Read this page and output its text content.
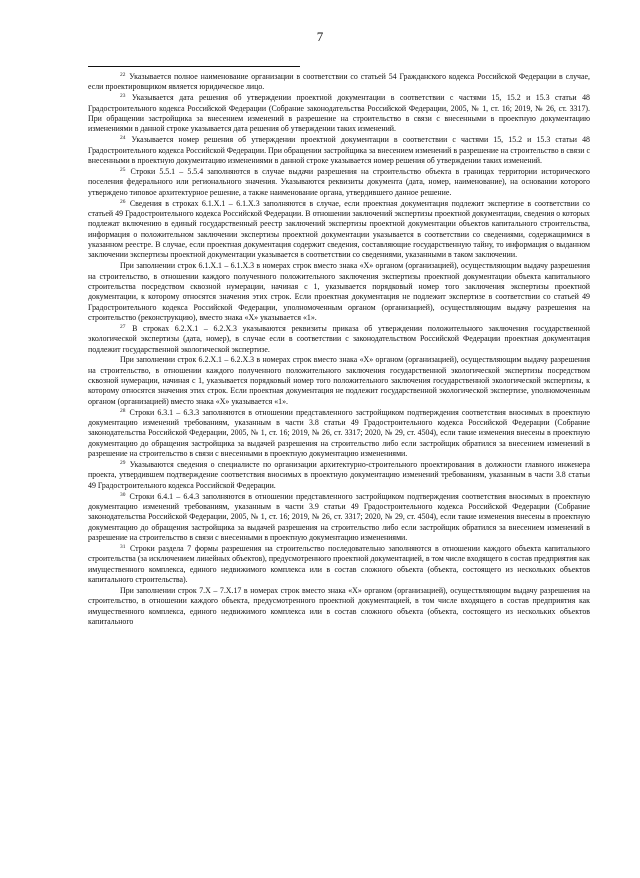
7

$^{22}$ Указывается полное наименование организации в соответствии со статьей 54 Гражданского кодекса Российской Федерации в случае, если проектировщиком является юридическое лицо.

$^{23}$ Указывается дата решения об утверждении проектной документации в соответствии с частями 15, 15.2 и 15.3 статьи 48 Градостроительного кодекса Российской Федерации (Собрание законодательства Российской Федерации, 2005, № 1, ст. 16; 2019, № 26, ст. 3317). При обращении застройщика за внесением изменений в разрешение на строительство в связи с внесенными в проектную документацию изменениями в данной строке указывается дата решения об утверждении таких изменений.

$^{24}$ Указывается номер решения об утверждении проектной документации в соответствии с частями 15, 15.2 и 15.3 статьи 48 Градостроительного кодекса Российской Федерации. При обращении застройщика за внесением изменений в разрешение на строительство в связи с внесенными в проектную документацию изменениями в данной строке указывается номер решения об утверждении таких изменений.

$^{25}$ Строки 5.5.1 – 5.5.4 заполняются в случае выдачи разрешения на строительство объекта в границах территории исторического поселения федерального или регионального значения. Указываются реквизиты документа (дата, номер, наименование), на основании которого утверждено типовое архитектурное решение, а также наименование органа, утвердившего данное решение.

$^{26}$ Сведения в строках 6.1.Х.1 – 6.1.Х.3 заполняются в случае, если проектная документация подлежит экспертизе в соответствии со статьей 49 Градостроительного кодекса Российской Федерации. В отношении заключений экспертизы проектной документации, сведения о которых подлежат включению в единый государственный реестр заключений экспертизы проектной документации объектов капитального строительства, информация о положительном заключении экспертизы проектной документации указывается в соответствии со сведениями, содержащимися в указанном реестре. В случае, если проектная документация содержит сведения, составляющие государственную тайну, то информация о выданном заключении экспертизы проектной документации указывается в соответствии со сведениями, указанными в таком заключении.

При заполнении строк 6.1.Х.1 – 6.1.Х.3 в номерах строк вместо знака «Х» органом (организацией), осуществляющим выдачу разрешения на строительство, в отношении каждого полученного положительного заключения экспертизы проектной документации объекта капитального строительства посредством сквозной нумерации, начиная с 1, указывается порядковый номер того заключения экспертизы проектной документации, к которому относятся значения этих строк. Если проектная документация не подлежит экспертизе в соответствии со статьей 49 Градостроительного кодекса Российской Федерации, уполномоченным органом (организацией), осуществляющим выдачу разрешения на строительство (реконструкцию), вместо знака «Х» указывается «1».

$^{27}$ В строках 6.2.Х.1 – 6.2.Х.3 указываются реквизиты приказа об утверждении положительного заключения государственной экологической экспертизы (дата, номер), в случае если в соответствии с законодательством Российской Федерации проектная документация подлежит государственной экологической экспертизе.

При заполнении строк 6.2.Х.1 – 6.2.Х.3 в номерах строк вместо знака «Х» органом (организацией), осуществляющим выдачу разрешения на строительство, в отношении каждого полученного положительного заключения государственной экологической экспертизы посредством сквозной нумерации, начиная с 1, указывается порядковый номер того положительного заключения государственной экологической экспертизы, к которому относятся значения этих строк. Если проектная документация не подлежит государственной экологической экспертизе, уполномоченным органом (организацией) вместо знака «Х» указывается «1».

$^{28}$ Строки 6.3.1 – 6.3.3 заполняются в отношении представленного застройщиком подтверждения соответствия вносимых в проектную документацию изменений требованиям, указанным в части 3.8 статьи 49 Градостроительного кодекса Российской Федерации (Собрание законодательства Российской Федерации, 2005, № 1, ст. 16; 2019, № 26, ст. 3317; 2020, № 29, ст. 4504), если такие изменения внесены в проектную документацию до обращения застройщика за выдачей разрешения на строительство либо если застройщик обратился за внесением изменений в разрешение на строительство в связи с внесенными в проектную документацию изменениями.

$^{29}$ Указываются сведения о специалисте по организации архитектурно-строительного проектирования в должности главного инженера проекта, утвердившем подтверждение соответствия вносимых в проектную документацию изменений требованиям, указанным в части 3.8 статьи 49 Градостроительного кодекса Российской Федерации.

$^{30}$ Строки 6.4.1 – 6.4.3 заполняются в отношении представленного застройщиком подтверждения соответствия вносимых в проектную документацию изменений требованиям, указанным в части 3.9 статьи 49 Градостроительного кодекса Российской Федерации (Собрание законодательства Российской Федерации, 2005, № 1, ст. 16; 2019, № 26, ст. 3317; 2020, № 29, ст. 4504), если такие изменения внесены в проектную документацию до обращения застройщика за выдачей разрешения на строительство либо если застройщик обратился за внесением изменений в разрешение на строительство в связи с внесенными в проектную документацию изменениями.

$^{31}$ Строки раздела 7 формы разрешения на строительство последовательно заполняются в отношении каждого объекта капитального строительства (за исключением линейных объектов), предусмотренного проектной документацией, в том числе входящего в состав предприятия как имущественного комплекса, единого недвижимого комплекса или в состав сложного объекта (объекта, состоящего из нескольких объектов капитального строительства).

При заполнении строк 7.Х – 7.Х.17 в номерах строк вместо знака «Х» органом (организацией), осуществляющим выдачу разрешения на строительство, в отношении каждого объекта, предусмотренного проектной документацией, в том числе входящего в состав предприятия как имущественного комплекса, единого недвижимого комплекса или в состав сложного объекта (объекта, состоящего из нескольких объектов капитального
